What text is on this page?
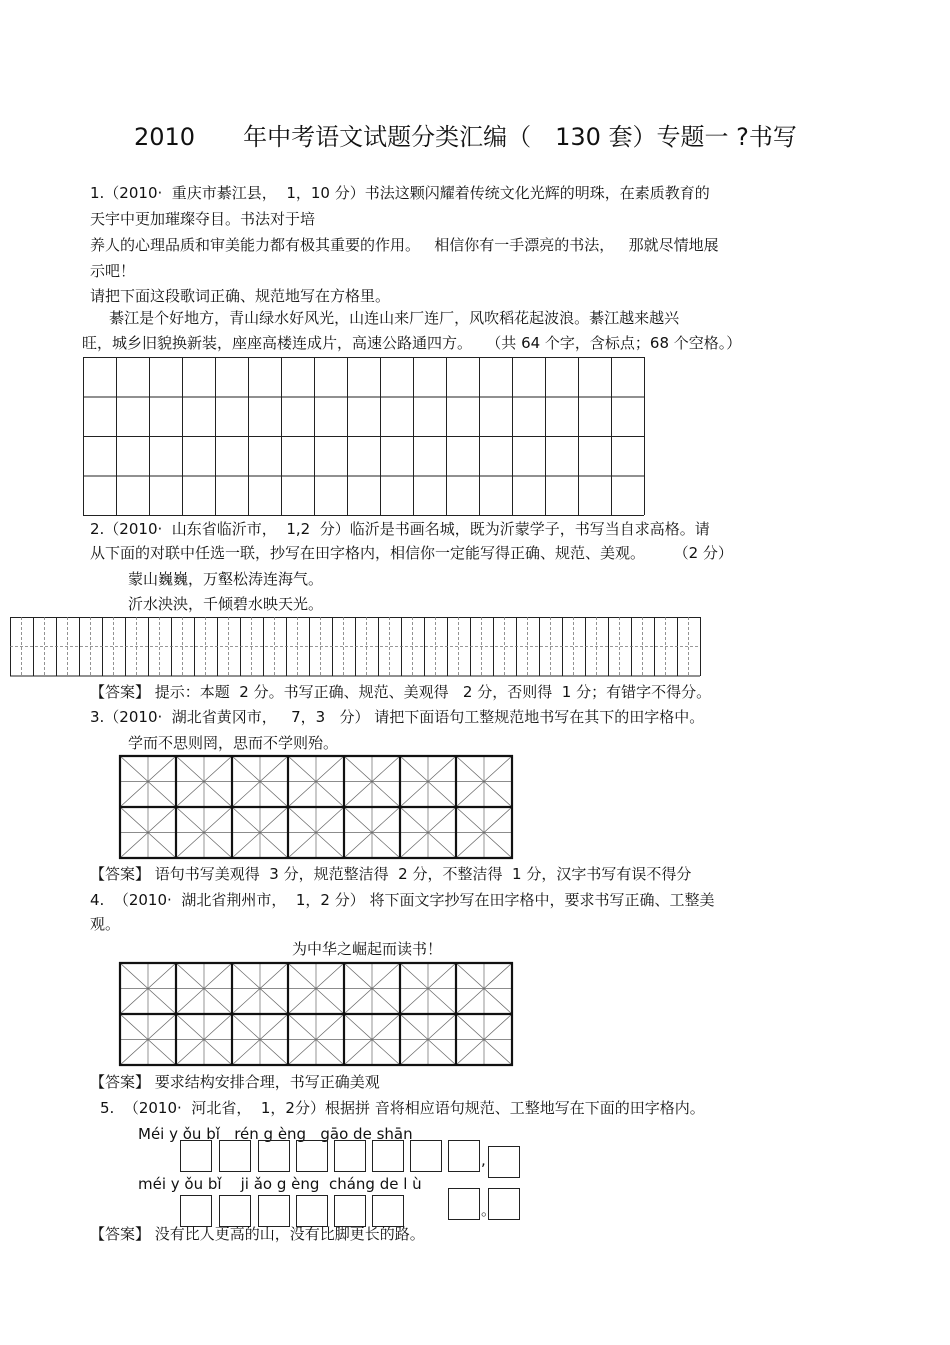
2010　　年中考语文试题分类汇编（　130 套）专题一 ?书写
1.（2010·  重庆市綦江县，  1，10 分）书法这颗闪耀着传统文化光辉的明珠，在素质教育的
天宇中更加璀璨夺目。书法对于培
养人的心理品质和审美能力都有极其重要的作用。   相信你有一手漂亮的书法，   那就尽情地展
示吧！
请把下面这段歌词正确、规范地写在方格里。
綦江是个好地方，青山绿水好风光，山连山来厂连厂，风吹稻花起波浪。綦江越来越兴
旺，城乡旧貌换新装，座座高楼连成片，高速公路通四方。   （共 64 个字，含标点；68 个空格。）
2.（2010·  山东省临沂市，  1,2  分）临沂是书画名城，既为沂蒙学子，书写当自求高格。请
从下面的对联中任选一联，抄写在田字格内，相信你一定能写得正确、规范、美观。      （2 分）
蒙山巍巍，万壑松涛连海气。
沂水泱泱，千倾碧水映天光。
【答案】 提示：本题  2 分。书写正确、规范、美观得   2 分，否则得  1 分；有错字不得分。
3.（2010·  湖北省黄冈市，   7，3   分） 请把下面语句工整规范地书写在其下的田字格中。
学而不思则罔，思而不学则殆。
【答案】 语句书写美观得  3 分，规范整洁得  2 分，不整洁得  1 分，汉字书写有误不得分
4.  （2010·  湖北省荆州市，  1，2 分） 将下面文字抄写在田字格中，要求书写正确、工整美
观。
为中华之崛起而读书！
【答案】 要求结构安排合理，书写正确美观
5.  （2010·  河北省，  1，2分）根据拼 音将相应语句规范、工整地写在下面的田字格内。
Méi y ǒu bǐ   rén g èng   gāo de shān
,
méi y ǒu bǐ    ji ǎo g èng  cháng de l ù
。
【答案】 没有比人更高的山，没有比脚更长的路。
